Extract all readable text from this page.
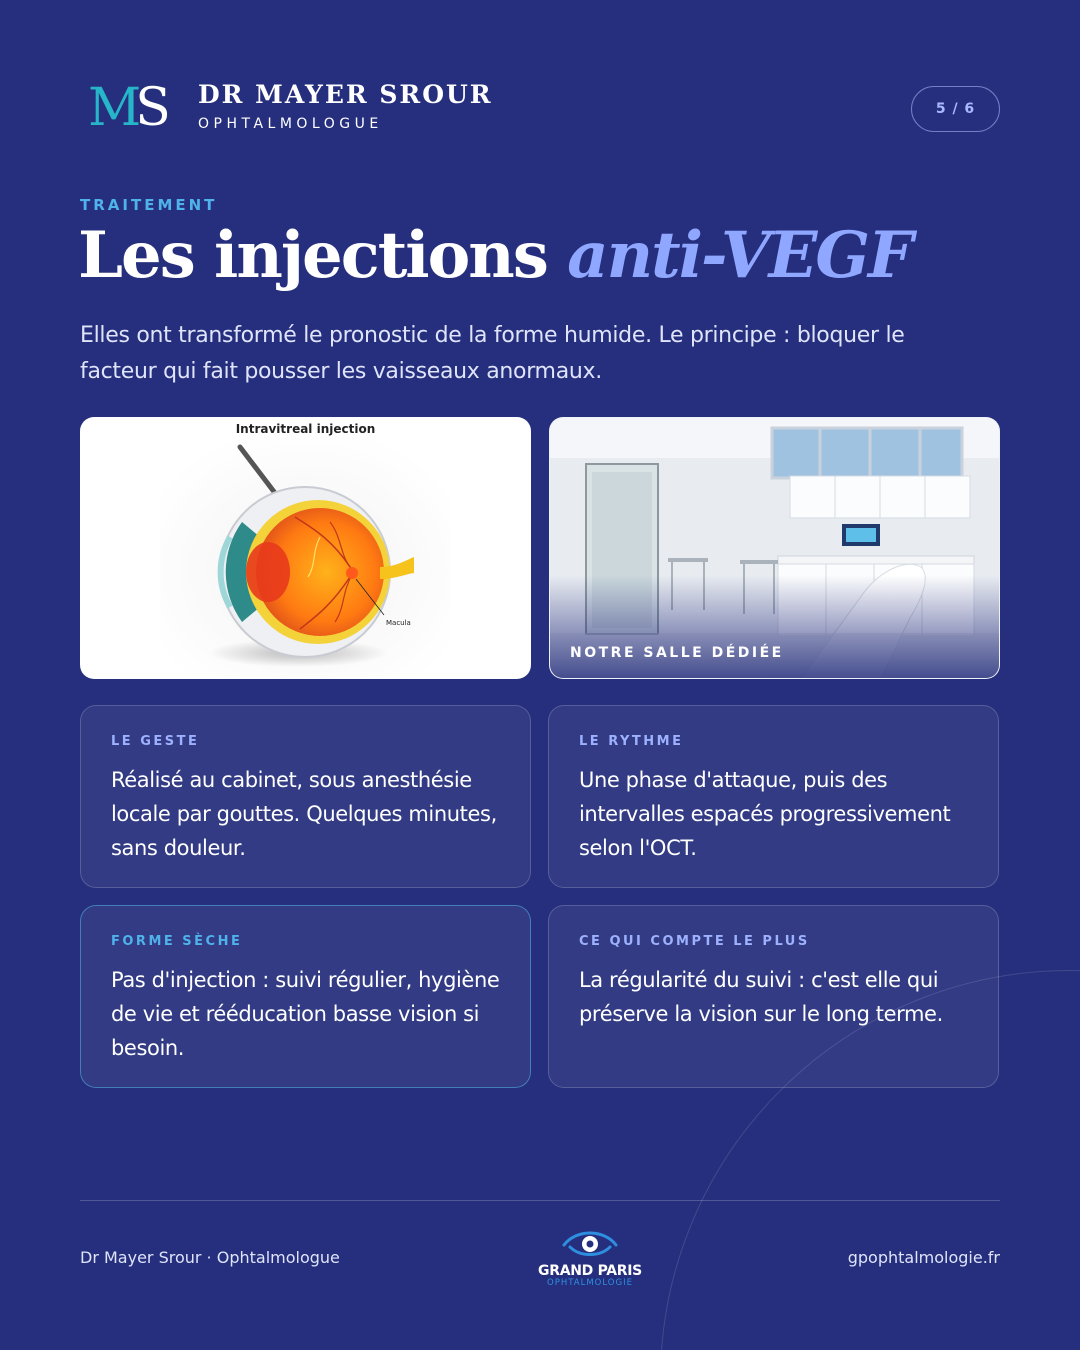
MS DR MAYER SROUR
OPHTALMOLOGUE
5 / 6
TRAITEMENT
Les injections anti-VEGF

Elles ont transformé le pronostic de la forme humide. Le principe : bloquer le facteur qui fait pousser les vaisseaux anormaux.

Intravitreal injection
Macula
NOTRE SALLE DÉDIÉE
LE GESTE
Réalisé au cabinet, sous anesthésie locale par gouttes. Quelques minutes, sans douleur.
LE RYTHME
Une phase d'attaque, puis des intervalles espacés progressivement selon l'OCT.
FORME SÈCHE
Pas d'injection : suivi régulier, hygiène de vie et rééducation basse vision si besoin.
CE QUI COMPTE LE PLUS
La régularité du suivi : c'est elle qui préserve la vision sur le long terme.
Dr Mayer Srour · Ophtalmologue
GRAND PARIS
OPHTALMOLOGIE
gpophtalmologie.fr
